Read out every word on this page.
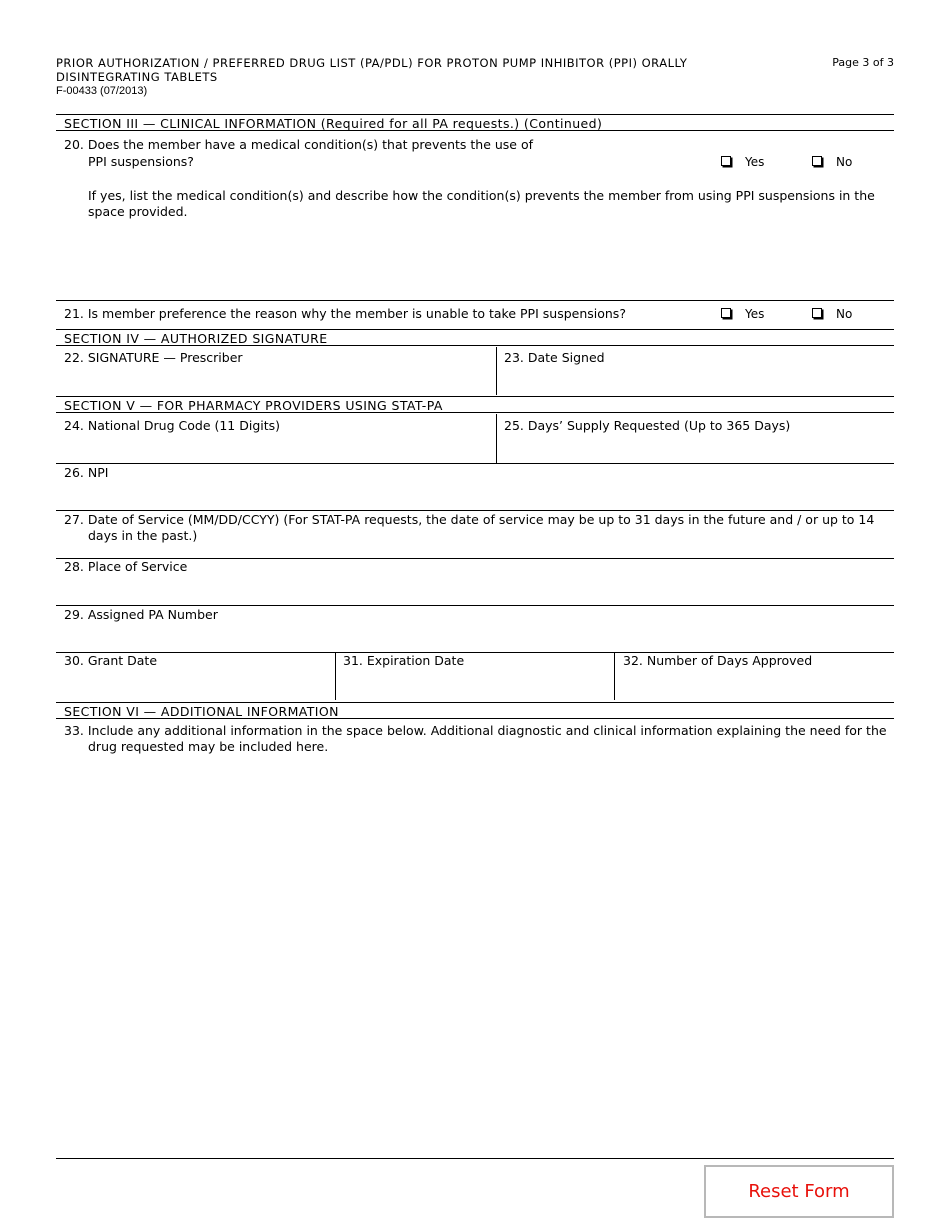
PRIOR AUTHORIZATION / PREFERRED DRUG LIST (PA/PDL) FOR PROTON PUMP INHIBITOR (PPI) ORALLY DISINTEGRATING TABLETS
F-00433 (07/2013)
Page 3 of 3
SECTION III — CLINICAL INFORMATION (Required for all PA requests.) (Continued)
20. Does the member have a medical condition(s) that prevents the use of
PPI suspensions?	Yes	No
If yes, list the medical condition(s) and describe how the condition(s) prevents the member from using PPI suspensions in the space provided.
21. Is member preference the reason why the member is unable to take PPI suspensions?	Yes	No
SECTION IV — AUTHORIZED SIGNATURE
22. SIGNATURE — Prescriber	23. Date Signed
SECTION V — FOR PHARMACY PROVIDERS USING STAT-PA
24. National Drug Code (11 Digits)	25. Days’ Supply Requested (Up to 365 Days)
26. NPI
27. Date of Service (MM/DD/CCYY) (For STAT-PA requests, the date of service may be up to 31 days in the future and / or up to 14
days in the past.)
28. Place of Service
29. Assigned PA Number
30. Grant Date	31. Expiration Date	32. Number of Days Approved
SECTION VI — ADDITIONAL INFORMATION
33. Include any additional information in the space below. Additional diagnostic and clinical information explaining the need for the
drug requested may be included here.
Reset Form
